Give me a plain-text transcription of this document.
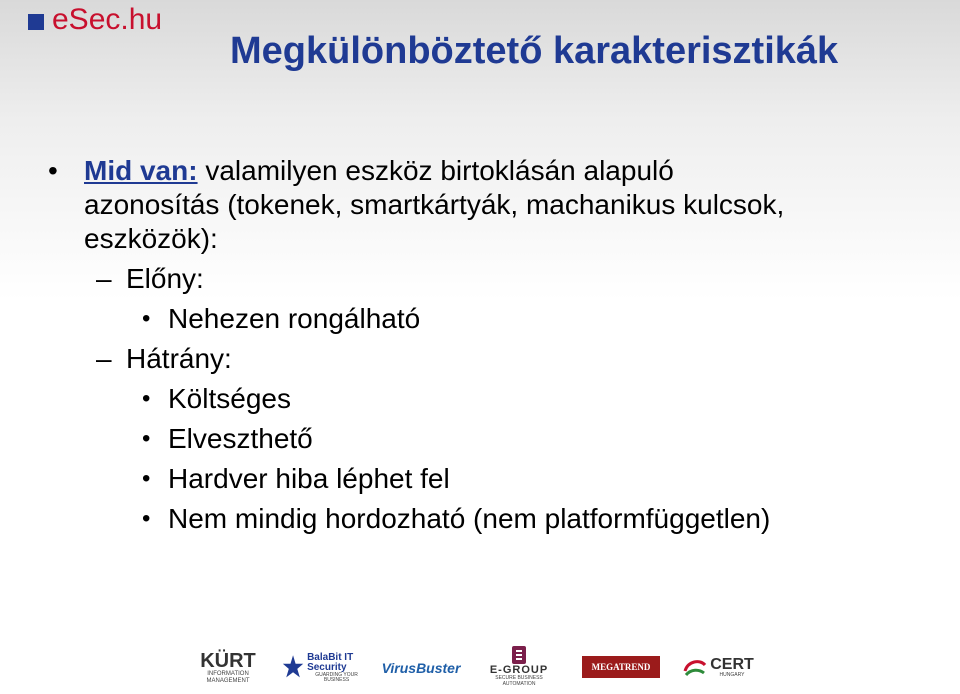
eSec.hu
Megkülönböztető karakterisztikák
• Mid van: valamilyen eszköz birtoklásán alapuló
azonosítás (tokenek, smartkártyák, machanikus kulcsok,
eszközök):
– Előny:
• Nehezen rongálható
– Hátrány:
• Költséges
• Elveszthető
• Hardver hiba léphet fel
• Nem mindig hordozható (nem platformfüggetlen)
KÜRT
INFORMATION MANAGEMENT
BalaBit IT Security
GUARDING YOUR BUSINESS
VirusBuster	E-GROUP
SECURE BUSINESS AUTOMATION
MEGATREND	CERT
HUNGARY
